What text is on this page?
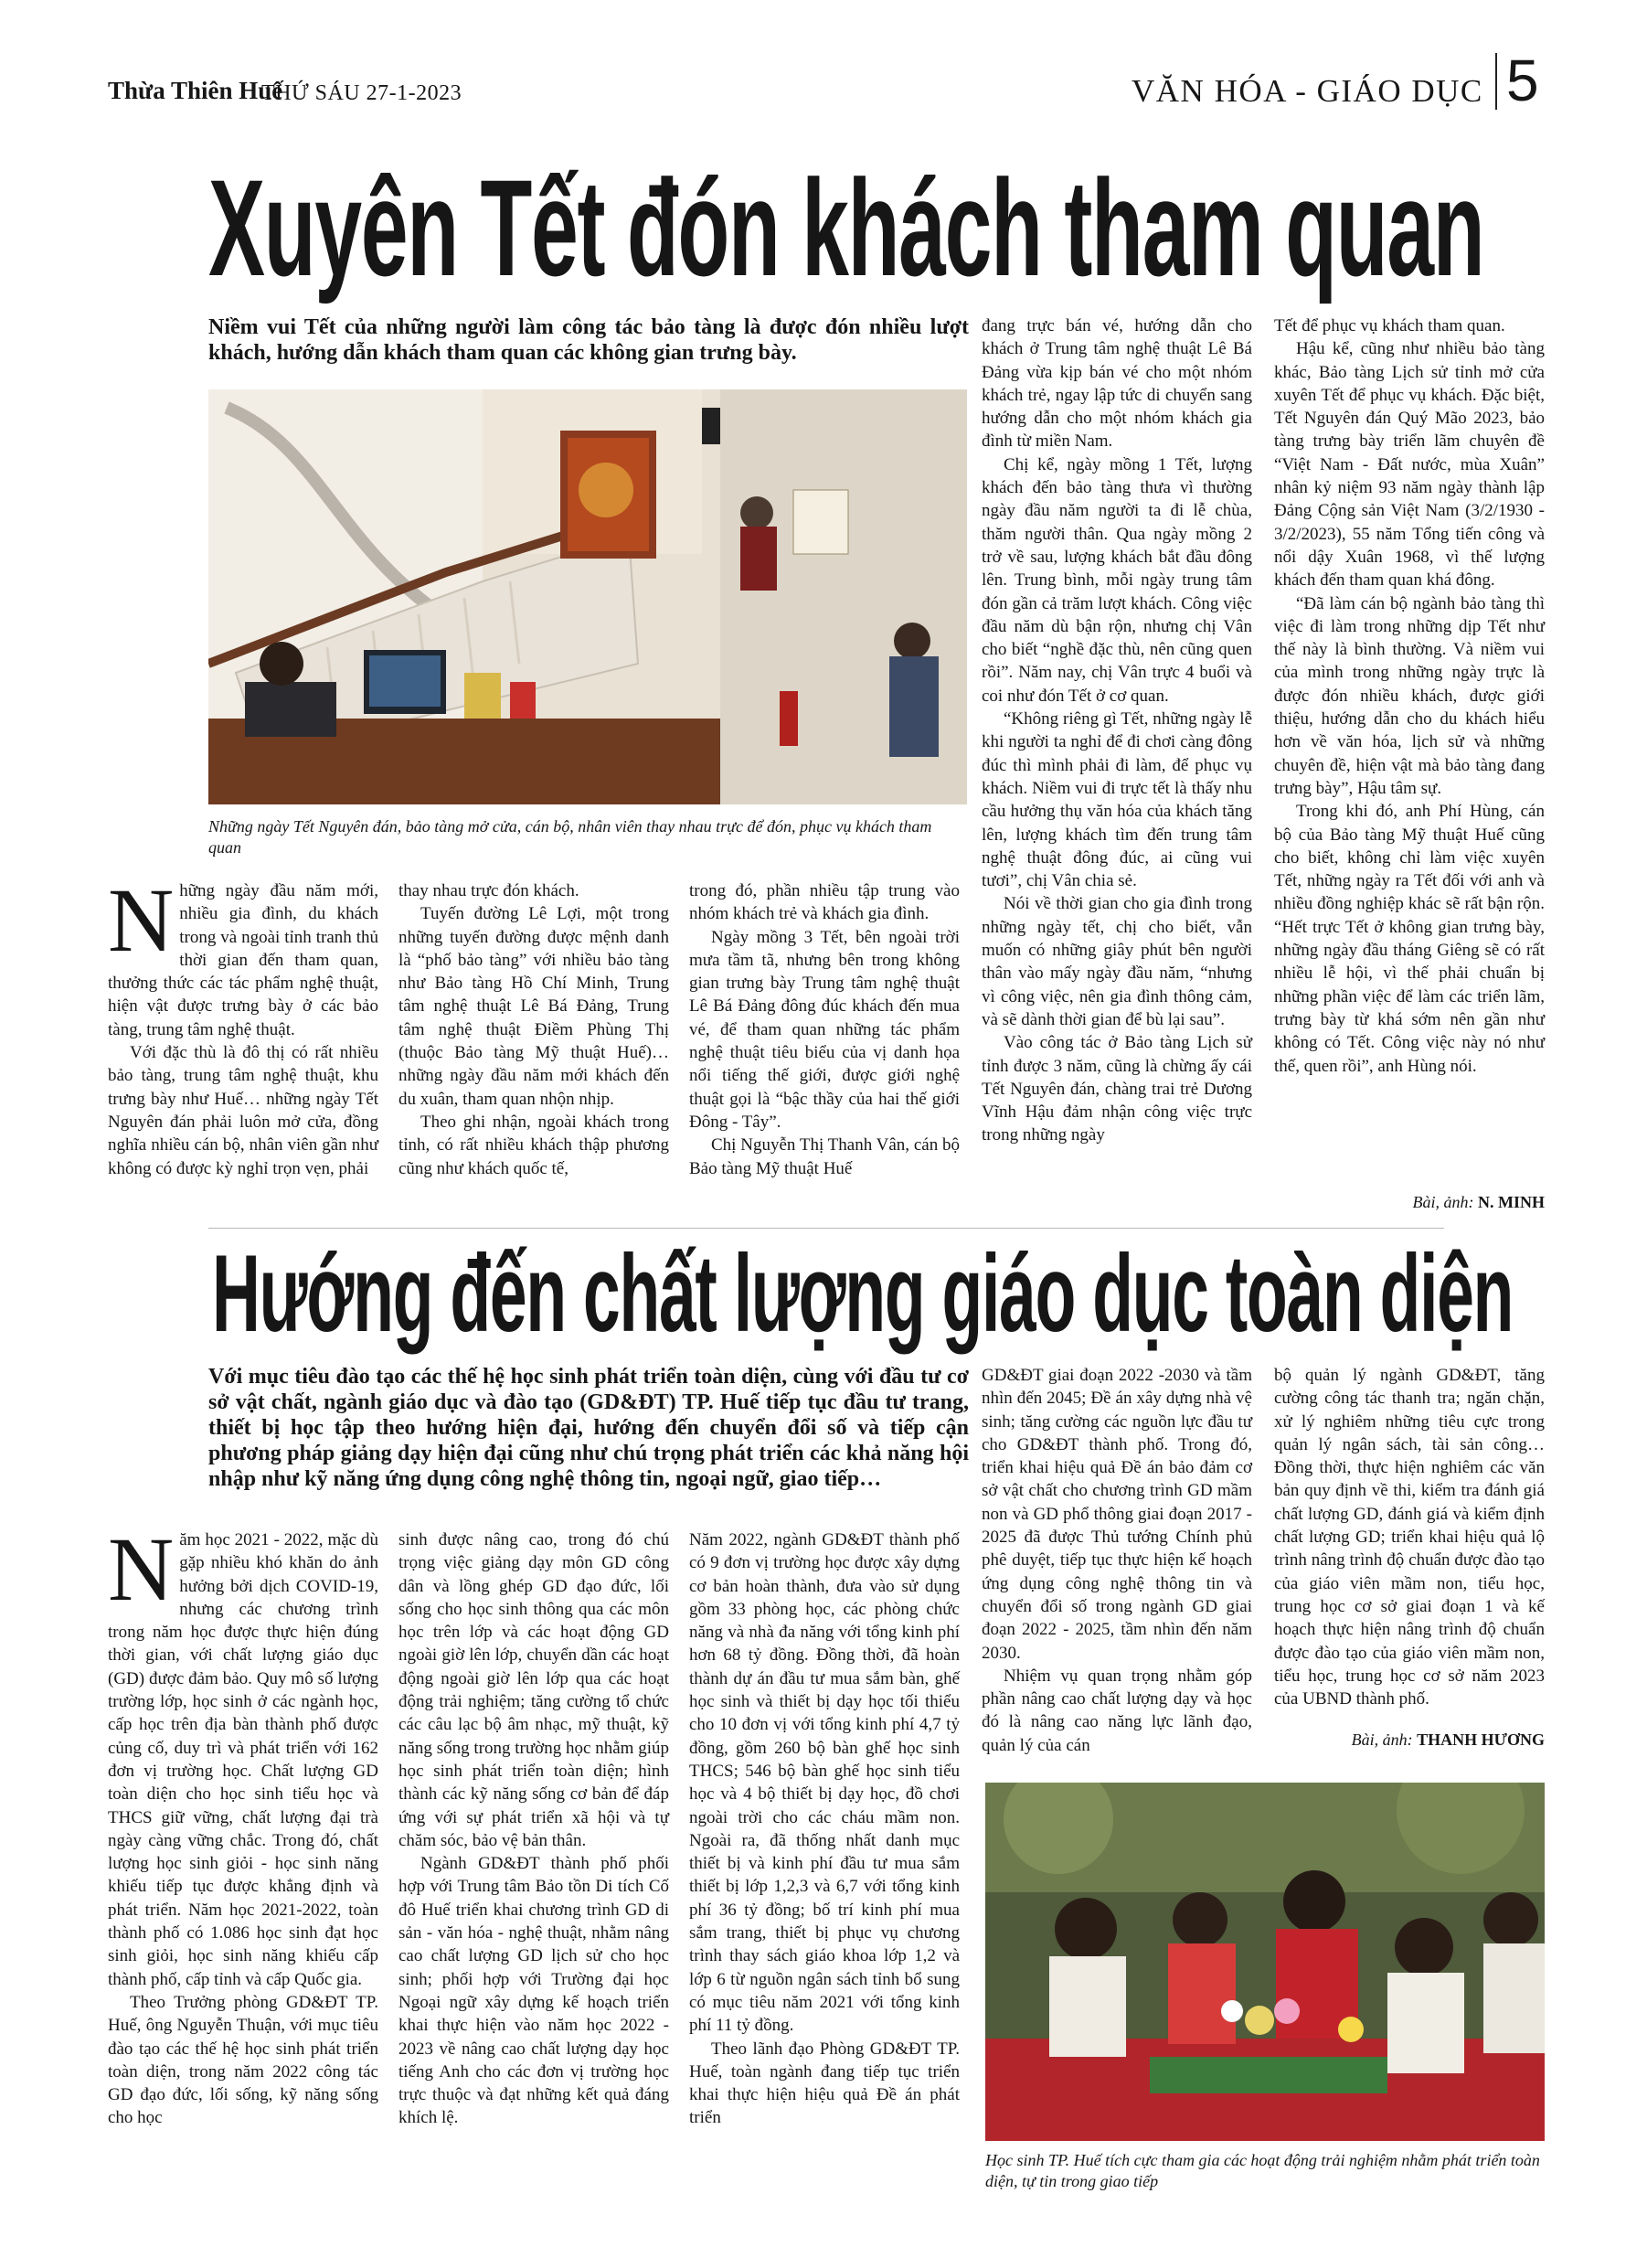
Thừa Thiên Huế
THỨ SÁU 27-1-2023	VĂN HÓA - GIÁO DỤC 5
Xuyên Tết đón khách tham quan
Niềm vui Tết của những người làm công tác bảo tàng là được đón nhiều lượt khách, hướng dẫn khách tham quan các không gian trưng bày.
Những ngày Tết Nguyên đán, bảo tàng mở cửa, cán bộ, nhân viên thay nhau trực để đón, phục vụ khách tham quan

Những ngày đầu năm mới, nhiều gia đình, du khách trong và ngoài tỉnh tranh thủ thời gian đến tham quan, thưởng thức các tác phẩm nghệ thuật, hiện vật được trưng bày ở các bảo tàng, trung tâm nghệ thuật.

Với đặc thù là đô thị có rất nhiều bảo tàng, trung tâm nghệ thuật, khu trưng bày như Huế… những ngày Tết Nguyên đán phải luôn mở cửa, đồng nghĩa nhiều cán bộ, nhân viên gần như không có được kỳ nghỉ trọn vẹn, phải

thay nhau trực đón khách.

Tuyến đường Lê Lợi, một trong những tuyến đường được mệnh danh là “phố bảo tàng” với nhiều bảo tàng như Bảo tàng Hồ Chí Minh, Trung tâm nghệ thuật Lê Bá Đảng, Trung tâm nghệ thuật Điềm Phùng Thị (thuộc Bảo tàng Mỹ thuật Huế)… những ngày đầu năm mới khách đến du xuân, tham quan nhộn nhịp.

Theo ghi nhận, ngoài khách trong tỉnh, có rất nhiều khách thập phương cũng như khách quốc tế,

trong đó, phần nhiều tập trung vào nhóm khách trẻ và khách gia đình.

Ngày mồng 3 Tết, bên ngoài trời mưa tầm tã, nhưng bên trong không gian trưng bày Trung tâm nghệ thuật Lê Bá Đảng đông đúc khách đến mua vé, để tham quan những tác phẩm nghệ thuật tiêu biểu của vị danh họa nổi tiếng thế giới, được giới nghệ thuật gọi là “bậc thầy của hai thế giới Đông - Tây”.

Chị Nguyễn Thị Thanh Vân, cán bộ Bảo tàng Mỹ thuật Huế

đang trực bán vé, hướng dẫn cho khách ở Trung tâm nghệ thuật Lê Bá Đảng vừa kịp bán vé cho một nhóm khách trẻ, ngay lập tức di chuyển sang hướng dẫn cho một nhóm khách gia đình từ miền Nam.

Chị kể, ngày mồng 1 Tết, lượng khách đến bảo tàng thưa vì thường ngày đầu năm người ta đi lễ chùa, thăm người thân. Qua ngày mồng 2 trở về sau, lượng khách bắt đầu đông lên. Trung bình, mỗi ngày trung tâm đón gần cả trăm lượt khách. Công việc đầu năm dù bận rộn, nhưng chị Vân cho biết “nghề đặc thù, nên cũng quen rồi”. Năm nay, chị Vân trực 4 buổi và coi như đón Tết ở cơ quan.

“Không riêng gì Tết, những ngày lễ khi người ta nghỉ để đi chơi càng đông đúc thì mình phải đi làm, để phục vụ khách. Niềm vui đi trực tết là thấy nhu cầu hưởng thụ văn hóa của khách tăng lên, lượng khách tìm đến trung tâm nghệ thuật đông đúc, ai cũng vui tươi”, chị Vân chia sẻ.

Nói về thời gian cho gia đình trong những ngày tết, chị cho biết, vẫn muốn có những giây phút bên người thân vào mấy ngày đầu năm, “nhưng vì công việc, nên gia đình thông cảm, và sẽ dành thời gian để bù lại sau”.

Vào công tác ở Bảo tàng Lịch sử tỉnh được 3 năm, cũng là chừng ấy cái Tết Nguyên đán, chàng trai trẻ Dương Vĩnh Hậu đảm nhận công việc trực trong những ngày

Tết để phục vụ khách tham quan.

Hậu kể, cũng như nhiều bảo tàng khác, Bảo tàng Lịch sử tỉnh mở cửa xuyên Tết để phục vụ khách. Đặc biệt, Tết Nguyên đán Quý Mão 2023, bảo tàng trưng bày triển lãm chuyên đề “Việt Nam - Đất nước, mùa Xuân” nhân kỷ niệm 93 năm ngày thành lập Đảng Cộng sản Việt Nam (3/2/1930 - 3/2/2023), 55 năm Tổng tiến công và nổi dậy Xuân 1968, vì thế lượng khách đến tham quan khá đông.

“Đã làm cán bộ ngành bảo tàng thì việc đi làm trong những dịp Tết như thế này là bình thường. Và niềm vui của mình trong những ngày trực là được đón nhiều khách, được giới thiệu, hướng dẫn cho du khách hiểu hơn về văn hóa, lịch sử và những chuyên đề, hiện vật mà bảo tàng đang trưng bày”, Hậu tâm sự.

Trong khi đó, anh Phí Hùng, cán bộ của Bảo tàng Mỹ thuật Huế cũng cho biết, không chỉ làm việc xuyên Tết, những ngày ra Tết đối với anh và nhiều đồng nghiệp khác sẽ rất bận rộn. “Hết trực Tết ở không gian trưng bày, những ngày đầu tháng Giêng sẽ có rất nhiều lễ hội, vì thế phải chuẩn bị những phần việc để làm các triển lãm, trưng bày từ khá sớm nên gần như không có Tết. Công việc này nó như thế, quen rồi”, anh Hùng nói.

Bài, ảnh: N. MINH
Hướng đến chất lượng giáo dục toàn diện
Với mục tiêu đào tạo các thế hệ học sinh phát triển toàn diện, cùng với đầu tư cơ sở vật chất, ngành giáo dục và đào tạo (GD&ĐT) TP. Huế tiếp tục đầu tư trang, thiết bị học tập theo hướng hiện đại, hướng đến chuyển đổi số và tiếp cận phương pháp giảng dạy hiện đại cũng như chú trọng phát triển các khả năng hội nhập như kỹ năng ứng dụng công nghệ thông tin, ngoại ngữ, giao tiếp…

Năm học 2021 - 2022, mặc dù gặp nhiều khó khăn do ảnh hưởng bởi dịch COVID-19, nhưng các chương trình trong năm học được thực hiện đúng thời gian, với chất lượng giáo dục (GD) được đảm bảo. Quy mô số lượng trường lớp, học sinh ở các ngành học, cấp học trên địa bàn thành phố được củng cố, duy trì và phát triển với 162 đơn vị trường học. Chất lượng GD toàn diện cho học sinh tiểu học và THCS giữ vững, chất lượng đại trà ngày càng vững chắc. Trong đó, chất lượng học sinh giỏi - học sinh năng khiếu tiếp tục được khẳng định và phát triển. Năm học 2021-2022, toàn thành phố có 1.086 học sinh đạt học sinh giỏi, học sinh năng khiếu cấp thành phố, cấp tỉnh và cấp Quốc gia.

Theo Trưởng phòng GD&ĐT TP. Huế, ông Nguyễn Thuận, với mục tiêu đào tạo các thế hệ học sinh phát triển toàn diện, trong năm 2022 công tác GD đạo đức, lối sống, kỹ năng sống cho học

sinh được nâng cao, trong đó chú trọng việc giảng dạy môn GD công dân và lồng ghép GD đạo đức, lối sống cho học sinh thông qua các môn học trên lớp và các hoạt động GD ngoài giờ lên lớp, chuyển dần các hoạt động ngoài giờ lên lớp qua các hoạt động trải nghiệm; tăng cường tổ chức các câu lạc bộ âm nhạc, mỹ thuật, kỹ năng sống trong trường học nhằm giúp học sinh phát triển toàn diện; hình thành các kỹ năng sống cơ bản để đáp ứng với sự phát triển xã hội và tự chăm sóc, bảo vệ bản thân.

Ngành GD&ĐT thành phố phối hợp với Trung tâm Bảo tồn Di tích Cố đô Huế triển khai chương trình GD di sản - văn hóa - nghệ thuật, nhằm nâng cao chất lượng GD lịch sử cho học sinh; phối hợp với Trường đại học Ngoại ngữ xây dựng kế hoạch triển khai thực hiện vào năm học 2022 - 2023 về nâng cao chất lượng dạy học tiếng Anh cho các đơn vị trường học trực thuộc và đạt những kết quả đáng khích lệ.

Năm 2022, ngành GD&ĐT thành phố có 9 đơn vị trường học được xây dựng cơ bản hoàn thành, đưa vào sử dụng gồm 33 phòng học, các phòng chức năng và nhà đa năng với tổng kinh phí hơn 68 tỷ đồng. Đồng thời, đã hoàn thành dự án đầu tư mua sắm bàn, ghế học sinh và thiết bị dạy học tối thiểu cho 10 đơn vị với tổng kinh phí 4,7 tỷ đồng, gồm 260 bộ bàn ghế học sinh THCS; 546 bộ bàn ghế học sinh tiểu học và 4 bộ thiết bị dạy học, đồ chơi ngoài trời cho các cháu mầm non. Ngoài ra, đã thống nhất danh mục thiết bị và kinh phí đầu tư mua sắm thiết bị lớp 1,2,3 và 6,7 với tổng kinh phí 36 tỷ đồng; bố trí kinh phí mua sắm trang, thiết bị phục vụ chương trình thay sách giáo khoa lớp 1,2 và lớp 6 từ nguồn ngân sách tỉnh bổ sung có mục tiêu năm 2021 với tổng kinh phí 11 tỷ đồng.

Theo lãnh đạo Phòng GD&ĐT TP. Huế, toàn ngành đang tiếp tục triển khai thực hiện hiệu quả Đề án phát triển

GD&ĐT giai đoạn 2022 -2030 và tầm nhìn đến 2045; Đề án xây dựng nhà vệ sinh; tăng cường các nguồn lực đầu tư cho GD&ĐT thành phố. Trong đó, triển khai hiệu quả Đề án bảo đảm cơ sở vật chất cho chương trình GD mầm non và GD phổ thông giai đoạn 2017 - 2025 đã được Thủ tướng Chính phủ phê duyệt, tiếp tục thực hiện kế hoạch ứng dụng công nghệ thông tin và chuyển đổi số trong ngành GD giai đoạn 2022 - 2025, tầm nhìn đến năm 2030.

Nhiệm vụ quan trọng nhằm góp phần nâng cao chất lượng dạy và học đó là nâng cao năng lực lãnh đạo, quản lý của cán

bộ quản lý ngành GD&ĐT, tăng cường công tác thanh tra; ngăn chặn, xử lý nghiêm những tiêu cực trong quản lý ngân sách, tài sản công… Đồng thời, thực hiện nghiêm các văn bản quy định về thi, kiểm tra đánh giá chất lượng GD, đánh giá và kiểm định chất lượng GD; triển khai hiệu quả lộ trình nâng trình độ chuẩn được đào tạo của giáo viên mầm non, tiểu học, trung học cơ sở giai đoạn 1 và kế hoạch thực hiện nâng trình độ chuẩn được đào tạo của giáo viên mầm non, tiểu học, trung học cơ sở năm 2023 của UBND thành phố.

Bài, ảnh: THANH HƯƠNG
Học sinh TP. Huế tích cực tham gia các hoạt động trải nghiệm nhằm phát triển toàn diện, tự tin trong giao tiếp
